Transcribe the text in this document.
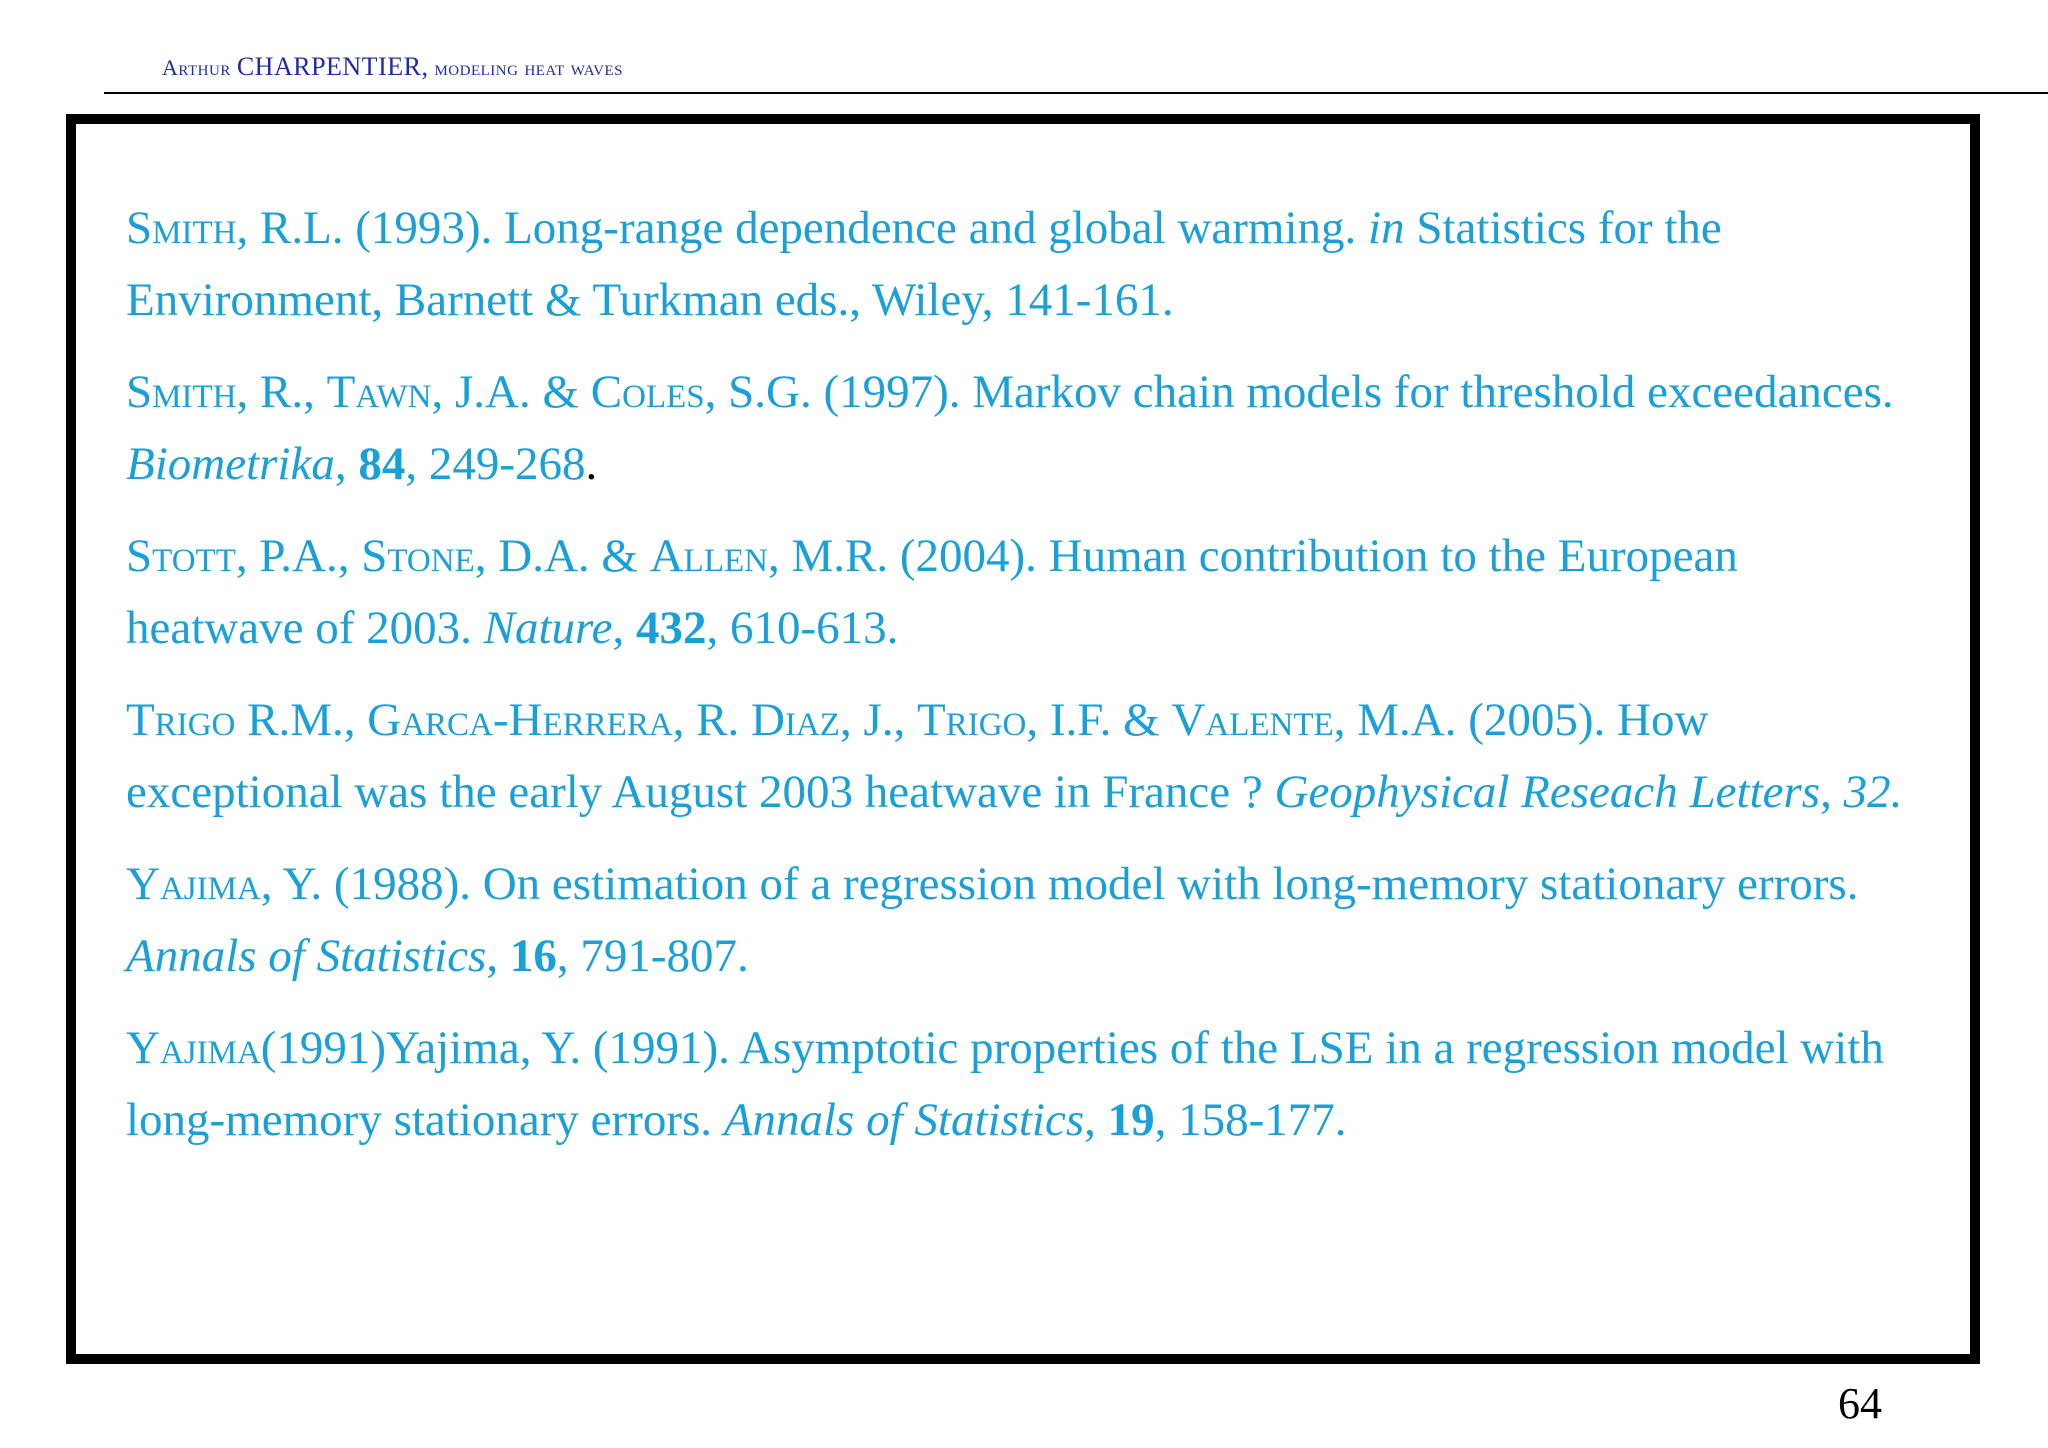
Arthur CHARPENTIER, modeling heat waves
Smith, R.L. (1993). Long-range dependence and global warming. in Statistics for the Environment, Barnett & Turkman eds., Wiley, 141-161.
Smith, R., Tawn, J.A. & Coles, S.G. (1997). Markov chain models for threshold exceedances. Biometrika, 84, 249-268.
Stott, P.A., Stone, D.A. & Allen, M.R. (2004). Human contribution to the European heatwave of 2003. Nature, 432, 610-613.
Trigo R.M., Garca-Herrera, R. Diaz, J., Trigo, I.F. & Valente, M.A. (2005). How exceptional was the early August 2003 heatwave in France ? Geophysical Reseach Letters, 32.
Yajima, Y. (1988). On estimation of a regression model with long-memory stationary errors. Annals of Statistics, 16, 791-807.
Yajima(1991)Yajima, Y. (1991). Asymptotic properties of the LSE in a regression model with long-memory stationary errors. Annals of Statistics, 19, 158-177.
64
